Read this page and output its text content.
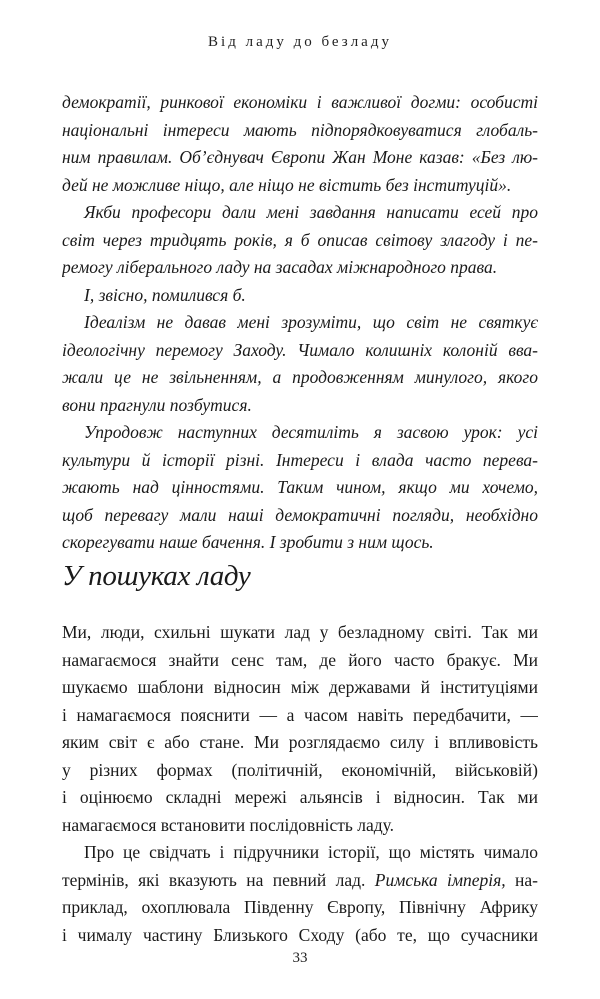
Від ладу до безладу
демократії, ринкової економіки і важливої догми: особисті
національні інтереси мають підпорядковуватися глобаль-
ним правилам. Об’єднувач Європи Жан Моне казав: «Без лю-
дей не можливе ніщо, але ніщо не вістить без інституцій».
Якби професори дали мені завдання написати есей про
світ через тридцять років, я б описав світову злагоду і пе-
ремогу ліберального ладу на засадах міжнародного права.
І, звісно, помилився б.
Ідеалізм не давав мені зрозуміти, що світ не святкує
ідеологічну перемогу Заходу. Чимало колишніх колоній вва-
жали це не звільненням, а продовженням минулого, якого
вони прагнули позбутися.
Упродовж наступних десятиліть я засвою урок: усі
культури й історії різні. Інтереси і влада часто перева-
жають над цінностями. Таким чином, якщо ми хочемо,
щоб перевагу мали наші демократичні погляди, необхідно
скорегувати наше бачення. І зробити з ним щось.
У пошуках ладу
Ми, люди, схильні шукати лад у безладному світі. Так ми
намагаємося знайти сенс там, де його часто бракує. Ми
шукаємо шаблони відносин між державами й інституціями
і намагаємося пояснити — а часом навіть передбачити, —
яким світ є або стане. Ми розглядаємо силу і впливовість
у різних формах (політичній, економічній, військовій)
і оцінюємо складні мережі альянсів і відносин. Так ми
намагаємося встановити послідовність ладу.
Про це свідчать і підручники історії, що містять чимало
термінів, які вказують на певний лад. Римська імперія, на-
приклад, охоплювала Південну Європу, Північну Африку
і чималу частину Близького Сходу (або те, що сучасники
33
